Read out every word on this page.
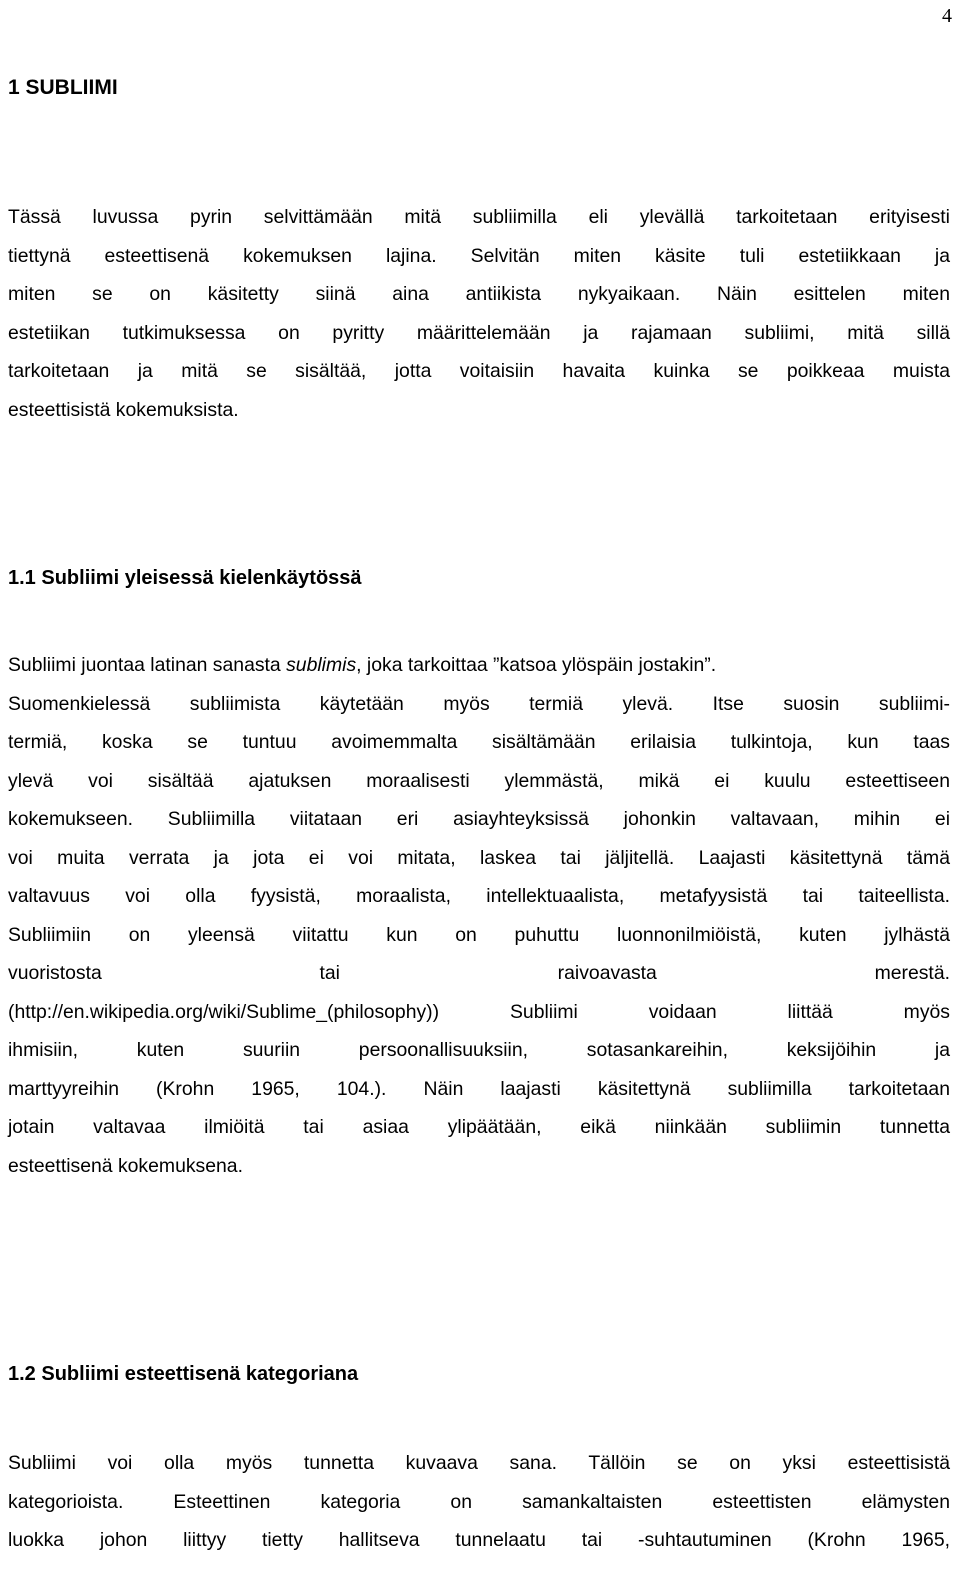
4
1 SUBLIIMI
Tässä luvussa pyrin selvittämään mitä subliimilla eli ylevällä tarkoitetaan erityisesti
tiettynä esteettisenä kokemuksen lajina. Selvitän miten käsite tuli estetiikkaan ja
miten se on käsitetty siinä aina antiikista nykyaikaan. Näin esittelen miten
estetiikan tutkimuksessa on pyritty määrittelemään ja rajamaan subliimi, mitä sillä
tarkoitetaan ja mitä se sisältää, jotta voitaisiin havaita kuinka se poikkeaa muista
esteettisistä kokemuksista.
1.1 Subliimi yleisessä kielenkäytössä
Subliimi juontaa latinan sanasta sublimis, joka tarkoittaa ”katsoa ylöspäin jostakin”.
Suomenkielessä subliimista käytetään myös termiä ylevä. Itse suosin subliimi-
termiä, koska se tuntuu avoimemmalta sisältämään erilaisia tulkintoja, kun taas
ylevä voi sisältää ajatuksen moraalisesti ylemmästä, mikä ei kuulu esteettiseen
kokemukseen. Subliimilla viitataan eri asiayhteyksissä johonkin valtavaan, mihin ei
voi muita verrata ja jota ei voi mitata, laskea tai jäljitellä. Laajasti käsitettynä tämä
valtavuus voi olla fyysistä, moraalista, intellektuaalista, metafyysistä tai taiteellista.
Subliimiin on yleensä viitattu kun on puhuttu luonnonilmiöistä, kuten jylhästä
vuoristosta tai raivoavasta merestä.
(http://en.wikipedia.org/wiki/Sublime_(philosophy)) Subliimi voidaan liittää myös
ihmisiin, kuten suuriin persoonallisuuksiin, sotasankareihin, keksijöihin ja
marttyyreihin (Krohn 1965, 104.). Näin laajasti käsitettynä subliimilla tarkoitetaan
jotain valtavaa ilmiöitä tai asiaa ylipäätään, eikä niinkään subliimin tunnetta
esteettisenä kokemuksena.
1.2 Subliimi esteettisenä kategoriana
Subliimi voi olla myös tunnetta kuvaava sana. Tällöin se on yksi esteettisistä
kategorioista. Esteettinen kategoria on samankaltaisten esteettisten elämysten
luokka johon liittyy tietty hallitseva tunnelaatu tai -suhtautuminen (Krohn 1965,
